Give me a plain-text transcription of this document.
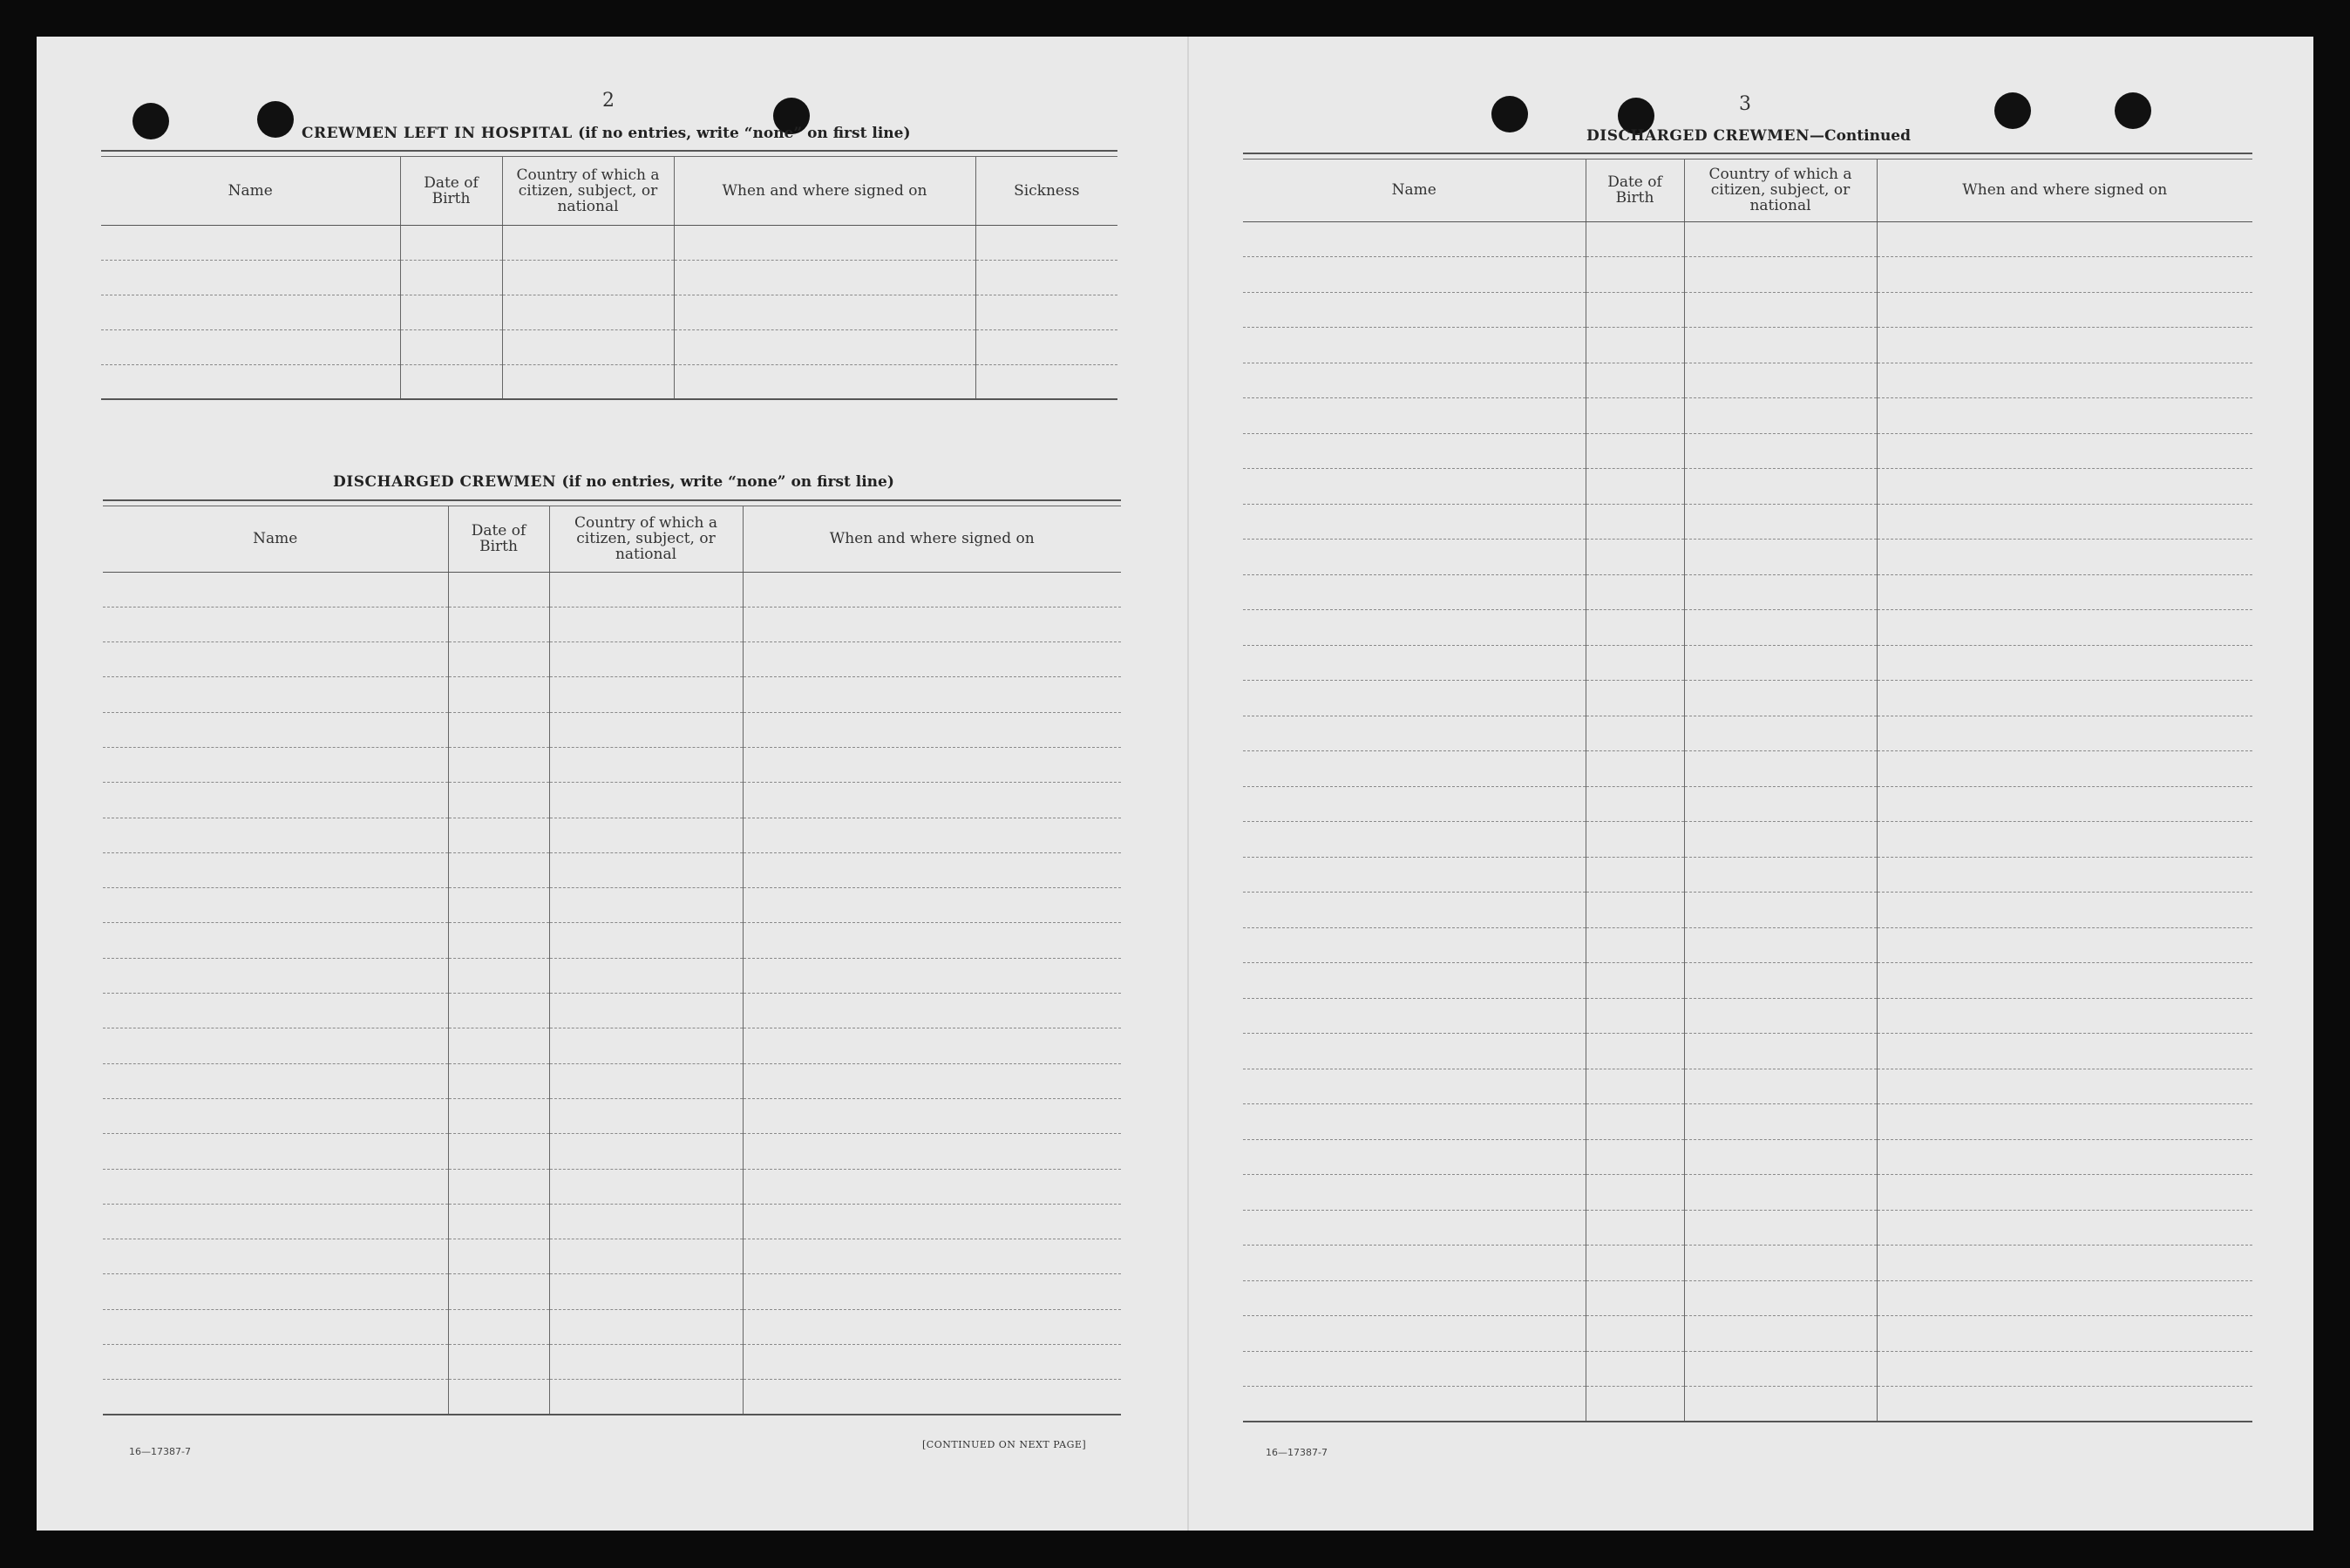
2
CREWMEN LEFT IN HOSPITAL (if no entries, write “none” on first line)
Name	Date of Birth	Country of which a citizen, subject, or national	When and where signed on	Sickness

DISCHARGED CREWMEN (if no entries, write “none” on first line)
Name	Date of Birth	Country of which a citizen, subject, or national	When and where signed on

16—17387-7
[CONTINUED ON NEXT PAGE]
3
DISCHARGED CREWMEN—Continued
Name	Date of Birth	Country of which a citizen, subject, or national	When and where signed on

16—17387-7
